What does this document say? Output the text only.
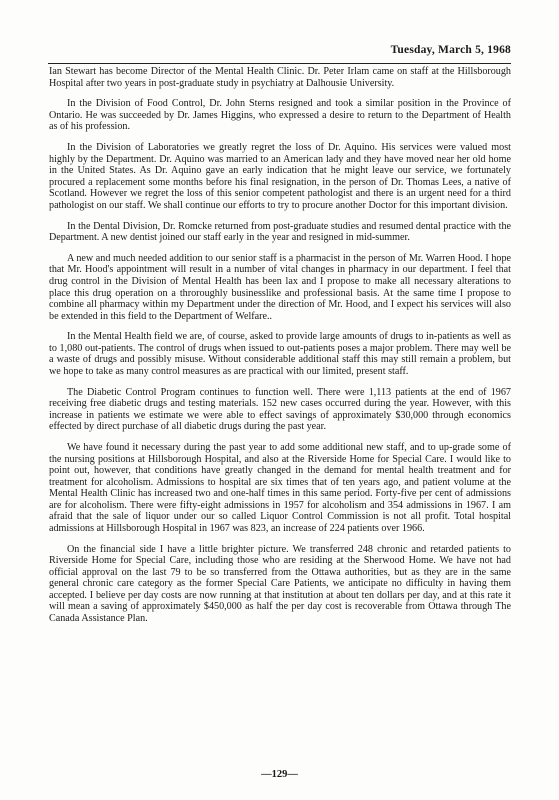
Tuesday, March 5, 1968

Ian Stewart has become Director of the Mental Health Clinic. Dr. Peter Irlam came on staff at the Hillsborough Hospital after two years in post-graduate study in psychiatry at Dalhousie University.

In the Division of Food Control, Dr. John Sterns resigned and took a similar position in the Province of Ontario. He was succeeded by Dr. James Higgins, who expressed a desire to return to the Department of Health as of his profession.

In the Division of Laboratories we greatly regret the loss of Dr. Aquino. His services were valued most highly by the Department. Dr. Aquino was married to an American lady and they have moved near her old home in the United States. As Dr. Aquino gave an early indication that he might leave our service, we fortunately procured a replacement some months before his final resignation, in the person of Dr. Thomas Lees, a native of Scotland. However we regret the loss of this senior competent pathologist and there is an urgent need for a third pathologist on our staff. We shall continue our efforts to try to procure another Doctor for this important division.

In the Dental Division, Dr. Romcke returned from post-graduate studies and resumed dental practice with the Department. A new dentist joined our staff early in the year and resigned in mid-summer.

A new and much needed addition to our senior staff is a pharmacist in the person of Mr. Warren Hood. I hope that Mr. Hood's appointment will result in a number of vital changes in pharmacy in our department. I feel that drug control in the Division of Mental Health has been lax and I propose to make all necessary alterations to place this drug operation on a throroughly businesslike and professional basis. At the same time I propose to combine all pharmacy within my Department under the direction of Mr. Hood, and I expect his services will also be extended in this field to the Department of Welfare..

In the Mental Health field we are, of course, asked to provide large amounts of drugs to in-patients as well as to 1,080 out-patients. The control of drugs when issued to out-patients poses a major problem. There may well be a waste of drugs and possibly misuse. Without considerable additional staff this may still remain a problem, but we hope to take as many control measures as are practical with our limited, present staff.

The Diabetic Control Program continues to function well. There were 1,113 patients at the end of 1967 receiving free diabetic drugs and testing materials. 152 new cases occurred during the year. However, with this increase in patients we estimate we were able to effect savings of approximately $30,000 through economics effected by direct purchase of all diabetic drugs during the past year.

We have found it necessary during the past year to add some additional new staff, and to up-grade some of the nursing positions at Hillsborough Hospital, and also at the Riverside Home for Special Care. I would like to point out, however, that conditions have greatly changed in the demand for mental health treatment and for treatment for alcoholism. Admissions to hospital are six times that of ten years ago, and patient volume at the Mental Health Clinic has increased two and one-half times in this same period. Forty-five per cent of admissions are for alcoholism. There were fifty-eight admissions in 1957 for alcoholism and 354 admissions in 1967. I am afraid that the sale of liquor under our so called Liquor Control Commission is not all profit. Total hospital admissions at Hillsborough Hospital in 1967 was 823, an increase of 224 patients over 1966.

On the financial side I have a little brighter picture. We transferred 248 chronic and retarded patients to Riverside Home for Special Care, including those who are residing at the Sherwood Home. We have not had official approval on the last 79 to be so transferred from the Ottawa authorities, but as they are in the same general chronic care category as the former Special Care Patients, we anticipate no difficulty in having them accepted. I believe per day costs are now running at that institution at about ten dollars per day, and at this rate it will mean a saving of approximately $450,000 as half the per day cost is recoverable from Ottawa through The Canada Assistance Plan.

—129—
